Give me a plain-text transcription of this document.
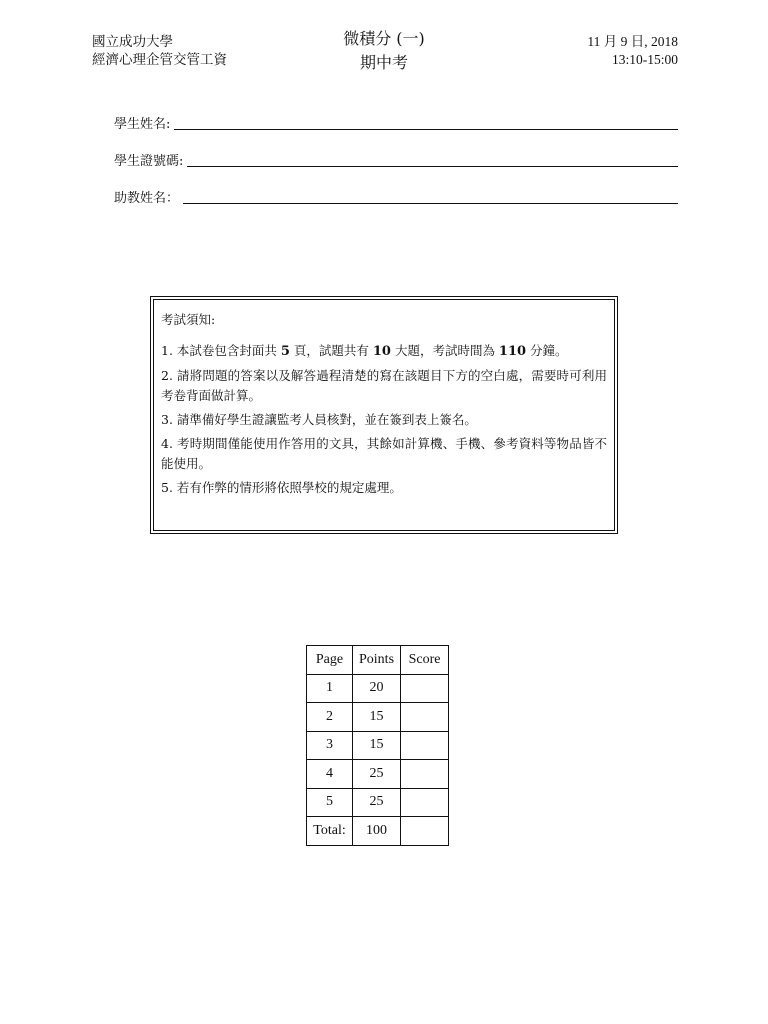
國立成功大學
經濟心理企管交管工資
微積分 (一)
期中考
11 月 9 日, 2018
13:10-15:00
學生姓名:
學生證號碼:
助教姓名：
考試須知:
1. 本試卷包含封面共 5 頁，試題共有 10 大題，考試時間為 110 分鐘。
2. 請將問題的答案以及解答過程清楚的寫在該題目下方的空白處，需要時可利用考卷背面做計算。
3. 請準備好學生證讓監考人員核對，並在簽到表上簽名。
4. 考時期間僅能使用作答用的文具，其餘如計算機、手機、參考資料等物品皆不能使用。
5. 若有作弊的情形將依照學校的規定處理。
Page	Points	Score
1	20	
2	15	
3	15	
4	25	
5	25	
Total:	100	
